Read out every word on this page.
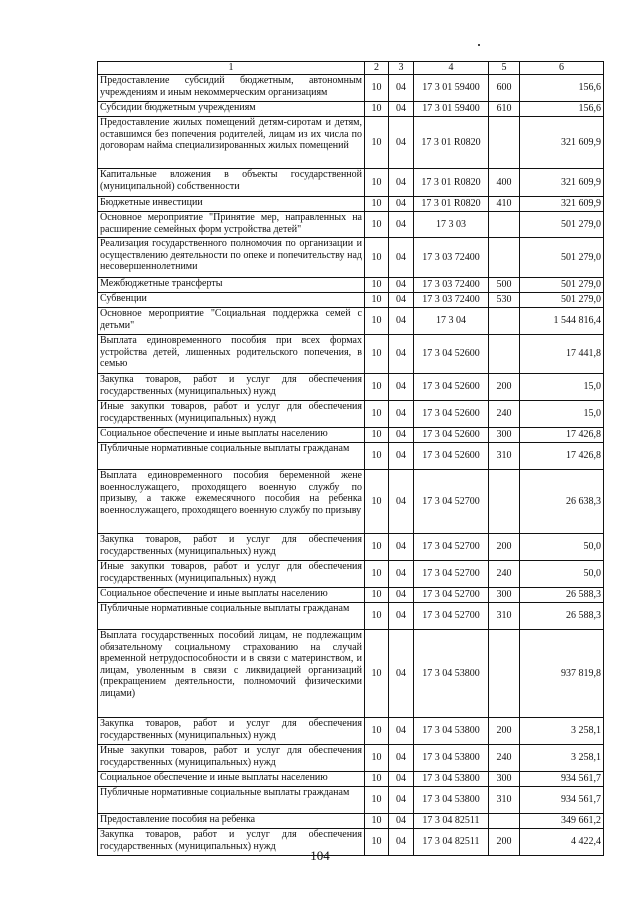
1	2	3	4	5	6
Предоставление субсидий бюджетным, автономным учреждениям и иным некоммерческим организациям	10	04	17 3 01 59400	600	156,6
Субсидии бюджетным учреждениям	10	04	17 3 01 59400	610	156,6
Предоставление жилых помещений детям-сиротам и детям, оставшимся без попечения родителей, лицам из их числа по договорам найма специализированных жилых помещений	10	04	17 3 01 R0820		321 609,9
Капитальные вложения в объекты государственной (муниципальной) собственности	10	04	17 3 01 R0820	400	321 609,9
Бюджетные инвестиции	10	04	17 3 01 R0820	410	321 609,9
Основное мероприятие "Принятие мер, направленных на расширение семейных форм устройства детей"	10	04	17 3 03		501 279,0
Реализация государственного полномочия по организации и осуществлению деятельности по опеке и попечительству над несовершеннолетними	10	04	17 3 03 72400		501 279,0
Межбюджетные трансферты	10	04	17 3 03 72400	500	501 279,0
Субвенции	10	04	17 3 03 72400	530	501 279,0
Основное мероприятие "Социальная поддержка семей с детьми"	10	04	17 3 04		1 544 816,4
Выплата единовременного пособия при всех формах устройства детей, лишенных родительского попечения, в семью	10	04	17 3 04 52600		17 441,8
Закупка товаров, работ и услуг для обеспечения государственных (муниципальных) нужд	10	04	17 3 04 52600	200	15,0
Иные закупки товаров, работ и услуг для обеспечения государственных (муниципальных) нужд	10	04	17 3 04 52600	240	15,0
Социальное обеспечение и иные выплаты населению	10	04	17 3 04 52600	300	17 426,8
Публичные нормативные социальные выплаты гражданам	10	04	17 3 04 52600	310	17 426,8
Выплата единовременного пособия беременной жене военнослужащего, проходящего военную службу по призыву, а также ежемесячного пособия на ребенка военнослужащего, проходящего военную службу по призыву	10	04	17 3 04 52700		26 638,3
Закупка товаров, работ и услуг для обеспечения государственных (муниципальных) нужд	10	04	17 3 04 52700	200	50,0
Иные закупки товаров, работ и услуг для обеспечения государственных (муниципальных) нужд	10	04	17 3 04 52700	240	50,0
Социальное обеспечение и иные выплаты населению	10	04	17 3 04 52700	300	26 588,3
Публичные нормативные социальные выплаты гражданам	10	04	17 3 04 52700	310	26 588,3
Выплата государственных пособий лицам, не подлежащим обязательному социальному страхованию на случай временной нетрудоспособности и в связи с материнством, и лицам, уволенным в связи с ликвидацией организаций (прекращением деятельности, полномочий физическими лицами)	10	04	17 3 04 53800		937 819,8
Закупка товаров, работ и услуг для обеспечения государственных (муниципальных) нужд	10	04	17 3 04 53800	200	3 258,1
Иные закупки товаров, работ и услуг для обеспечения государственных (муниципальных) нужд	10	04	17 3 04 53800	240	3 258,1
Социальное обеспечение и иные выплаты населению	10	04	17 3 04 53800	300	934 561,7
Публичные нормативные социальные выплаты гражданам	10	04	17 3 04 53800	310	934 561,7
Предоставление пособия на ребенка	10	04	17 3 04 82511		349 661,2
Закупка товаров, работ и услуг для обеспечения государственных (муниципальных) нужд	10	04	17 3 04 82511	200	4 422,4
104
